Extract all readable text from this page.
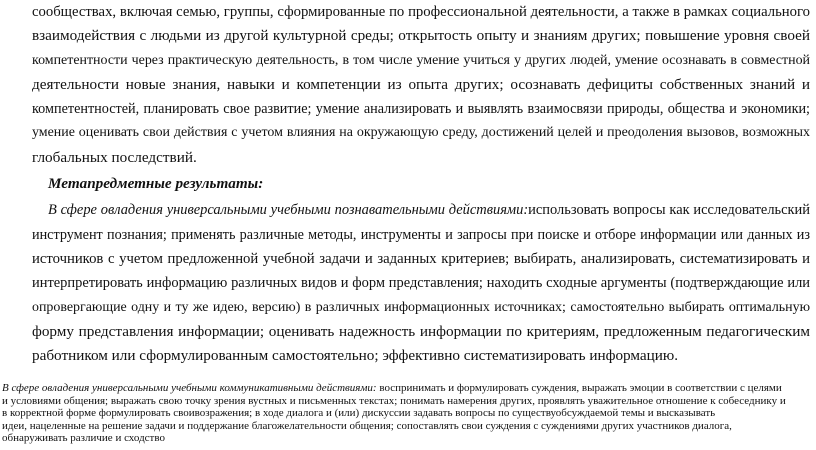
сообществах, включая семью, группы, сформированные по профессиональной деятельности, а также в рамках социального
взаимодействия с людьми из другой культурной среды; открытость опыту и знаниям других; повышение уровня своей
компетентности через практическую деятельность, в том числе умение учиться у других людей, умение осознавать в совместной
деятельности новые знания, навыки и компетенции из опыта других; осознавать дефициты собственных знаний и
компетентностей, планировать свое развитие; умение анализировать и выявлять взаимосвязи природы, общества и экономики;
умение оценивать свои действия с учетом влияния на окружающую среду, достижений целей и преодоления вызовов, возможных
глобальных последствий.
Метапредметные результаты:
В сфере овладения универсальными учебными познавательными действиями:использовать вопросы как исследовательский
инструмент познания; применять различные методы, инструменты и запросы при поиске и отборе информации или данных из
источников с учетом предложенной учебной задачи и заданных критериев; выбирать, анализировать, систематизировать и
интерпретировать информацию различных видов и форм представления; находить сходные аргументы (подтверждающие или
опровергающие одну и ту же идею, версию) в различных информационных источниках; самостоятельно выбирать оптимальную
форму представления информации; оценивать надежность информации по критериям, предложенным педагогическим
работником или сформулированным самостоятельно; эффективно систематизировать информацию.
В сфере овладения универсальными учебными коммуникативными действиями: воспринимать и формулировать суждения, выражать эмоции в соответствии с целями
и условиями общения; выражать свою точку зрения вустных и письменных текстах; понимать намерения других, проявлять уважительное отношение к собеседнику и
в корректной форме формулировать своивозражения; в ходе диалога и (или) дискуссии задавать вопросы по существуобсуждаемой темы и высказывать
идеи, нацеленные на решение задачи и поддержание благожелательности общения; сопоставлять свои суждения с суждениями других участников диалога,
обнаруживать различие и сходство
